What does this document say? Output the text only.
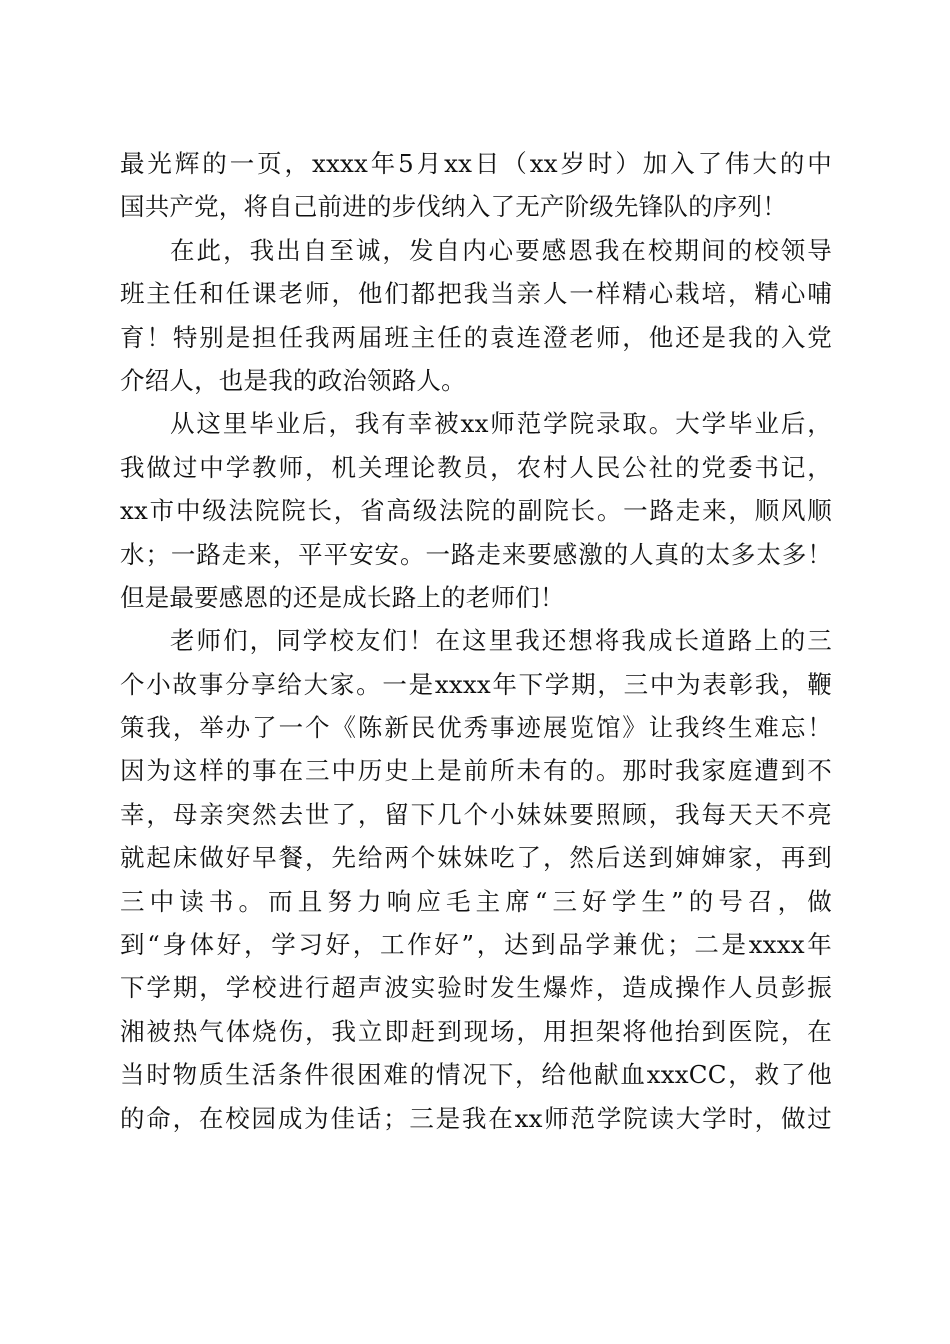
最光辉的一页，xxxx年5月xx日（xx岁时）加入了伟大的中
国共产党，将自己前进的步伐纳入了无产阶级先锋队的序列！
在此，我出自至诚，发自内心要感恩我在校期间的校领导
班主任和任课老师，他们都把我当亲人一样精心栽培，精心哺
育！特别是担任我两届班主任的袁连澄老师，他还是我的入党
介绍人，也是我的政治领路人。
从这里毕业后，我有幸被xx师范学院录取。大学毕业后，
我做过中学教师，机关理论教员，农村人民公社的党委书记，
xx市中级法院院长，省高级法院的副院长。一路走来，顺风顺
水；一路走来，平平安安。一路走来要感激的人真的太多太多！
但是最要感恩的还是成长路上的老师们！
老师们，同学校友们！在这里我还想将我成长道路上的三
个小故事分享给大家。一是xxxx年下学期，三中为表彰我，鞭
策我，举办了一个《陈新民优秀事迹展览馆》让我终生难忘！
因为这样的事在三中历史上是前所未有的。那时我家庭遭到不
幸，母亲突然去世了，留下几个小妹妹要照顾，我每天天不亮
就起床做好早餐，先给两个妹妹吃了，然后送到婶婶家，再到
三中读书。而且努力响应毛主席“三好学生”的号召，做
到“身体好，学习好，工作好”，达到品学兼优；二是xxxx年
下学期，学校进行超声波实验时发生爆炸，造成操作人员彭振
湘被热气体烧伤，我立即赶到现场，用担架将他抬到医院，在
当时物质生活条件很困难的情况下，给他献血xxxCC，救了他
的命，在校园成为佳话；三是我在xx师范学院读大学时，做过
